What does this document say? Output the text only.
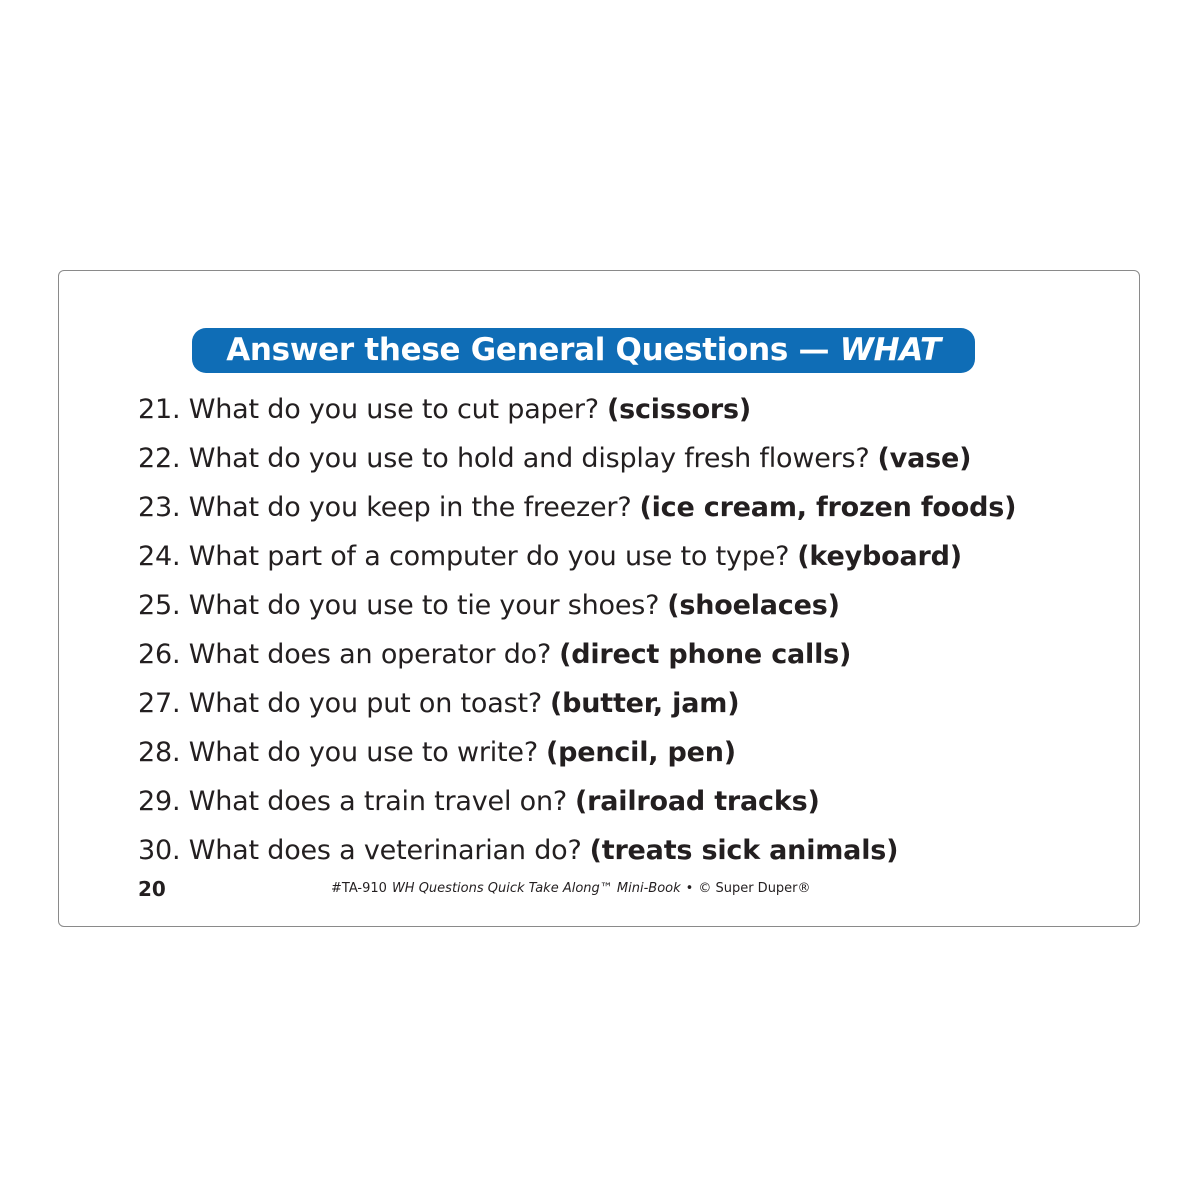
Answer these General Questions — WHAT
21. What do you use to cut paper? (scissors)
22. What do you use to hold and display fresh flowers? (vase)
23. What do you keep in the freezer? (ice cream, frozen foods)
24. What part of a computer do you use to type? (keyboard)
25. What do you use to tie your shoes? (shoelaces)
26. What does an operator do? (direct phone calls)
27. What do you put on toast? (butter, jam)
28. What do you use to write? (pencil, pen)
29. What does a train travel on? (railroad tracks)
30. What does a veterinarian do? (treats sick animals)
20	#TA-910 WH Questions Quick Take Along™ Mini-Book • © Super Duper®
